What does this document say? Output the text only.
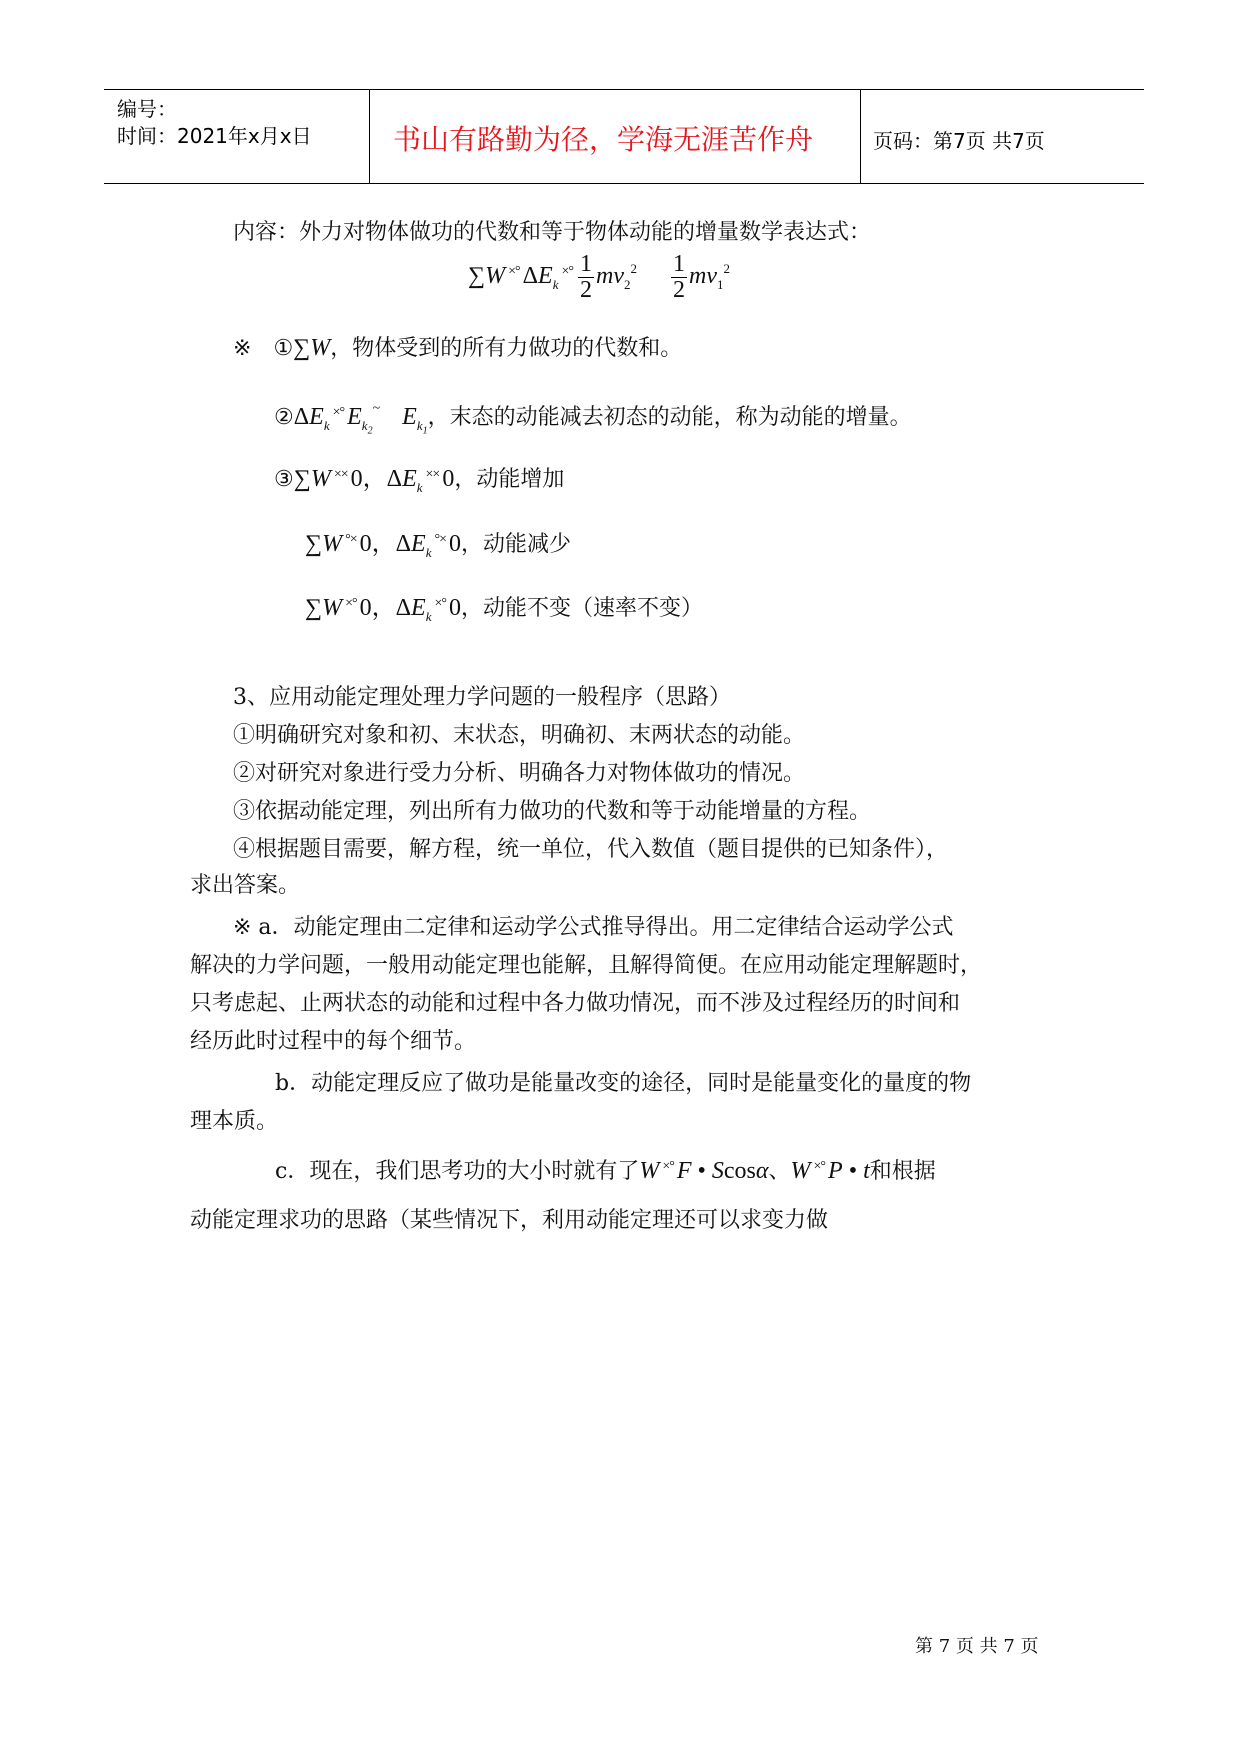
编号：
时间：2021年x月x日	书山有路勤为径，学海无涯苦作舟	页码：第7页 共7页
内容：外力对物体做功的代数和等于物体动能的增量数学表达式：
∑W ×° $\Delta E_k^{\times^\circ} \frac{1}{2} mv_2^2 \frac{1}{2} mv_1^2$
※ ①∑W，物体受到的所有力做功的代数和。
$②\Delta E_k^{\times^\circ}$ $E_{k_2}^\sim$ $E_{k_1}$，末态的动能减去初态的动能，称为动能的增量。
③∑W ×× 0，$\Delta E_k^{\times\times}$ 0，动能增加
∑W °× 0，$\Delta E_k^{^\circ\times}$ 0，动能减少
∑W ×° 0，$\Delta E_k^{\times^\circ}$ 0，动能不变（速率不变）
3、应用动能定理处理力学问题的一般程序（思路）
①明确研究对象和初、末状态，明确初、末两状态的动能。
②对研究对象进行受力分析、明确各力对物体做功的情况。
③依据动能定理，列出所有力做功的代数和等于动能增量的方程。
④根据题目需要，解方程，统一单位，代入数值（题目提供的已知条件），
求出答案。
※ a．动能定理由二定律和运动学公式推导得出。用二定律结合运动学公式
解决的力学问题，一般用动能定理也能解，且解得简便。在应用动能定理解题时，
只考虑起、止两状态的动能和过程中各力做功情况，而不涉及过程经历的时间和
经历此时过程中的每个细节。
b．动能定理反应了做功是能量改变的途径，同时是能量变化的量度的物
理本质。
c．现在，我们思考功的大小时就有了W ×° F • Scosα、W ×° P • t和根据
动能定理求功的思路（某些情况下，利用动能定理还可以求变力做
第 7 页 共 7 页
